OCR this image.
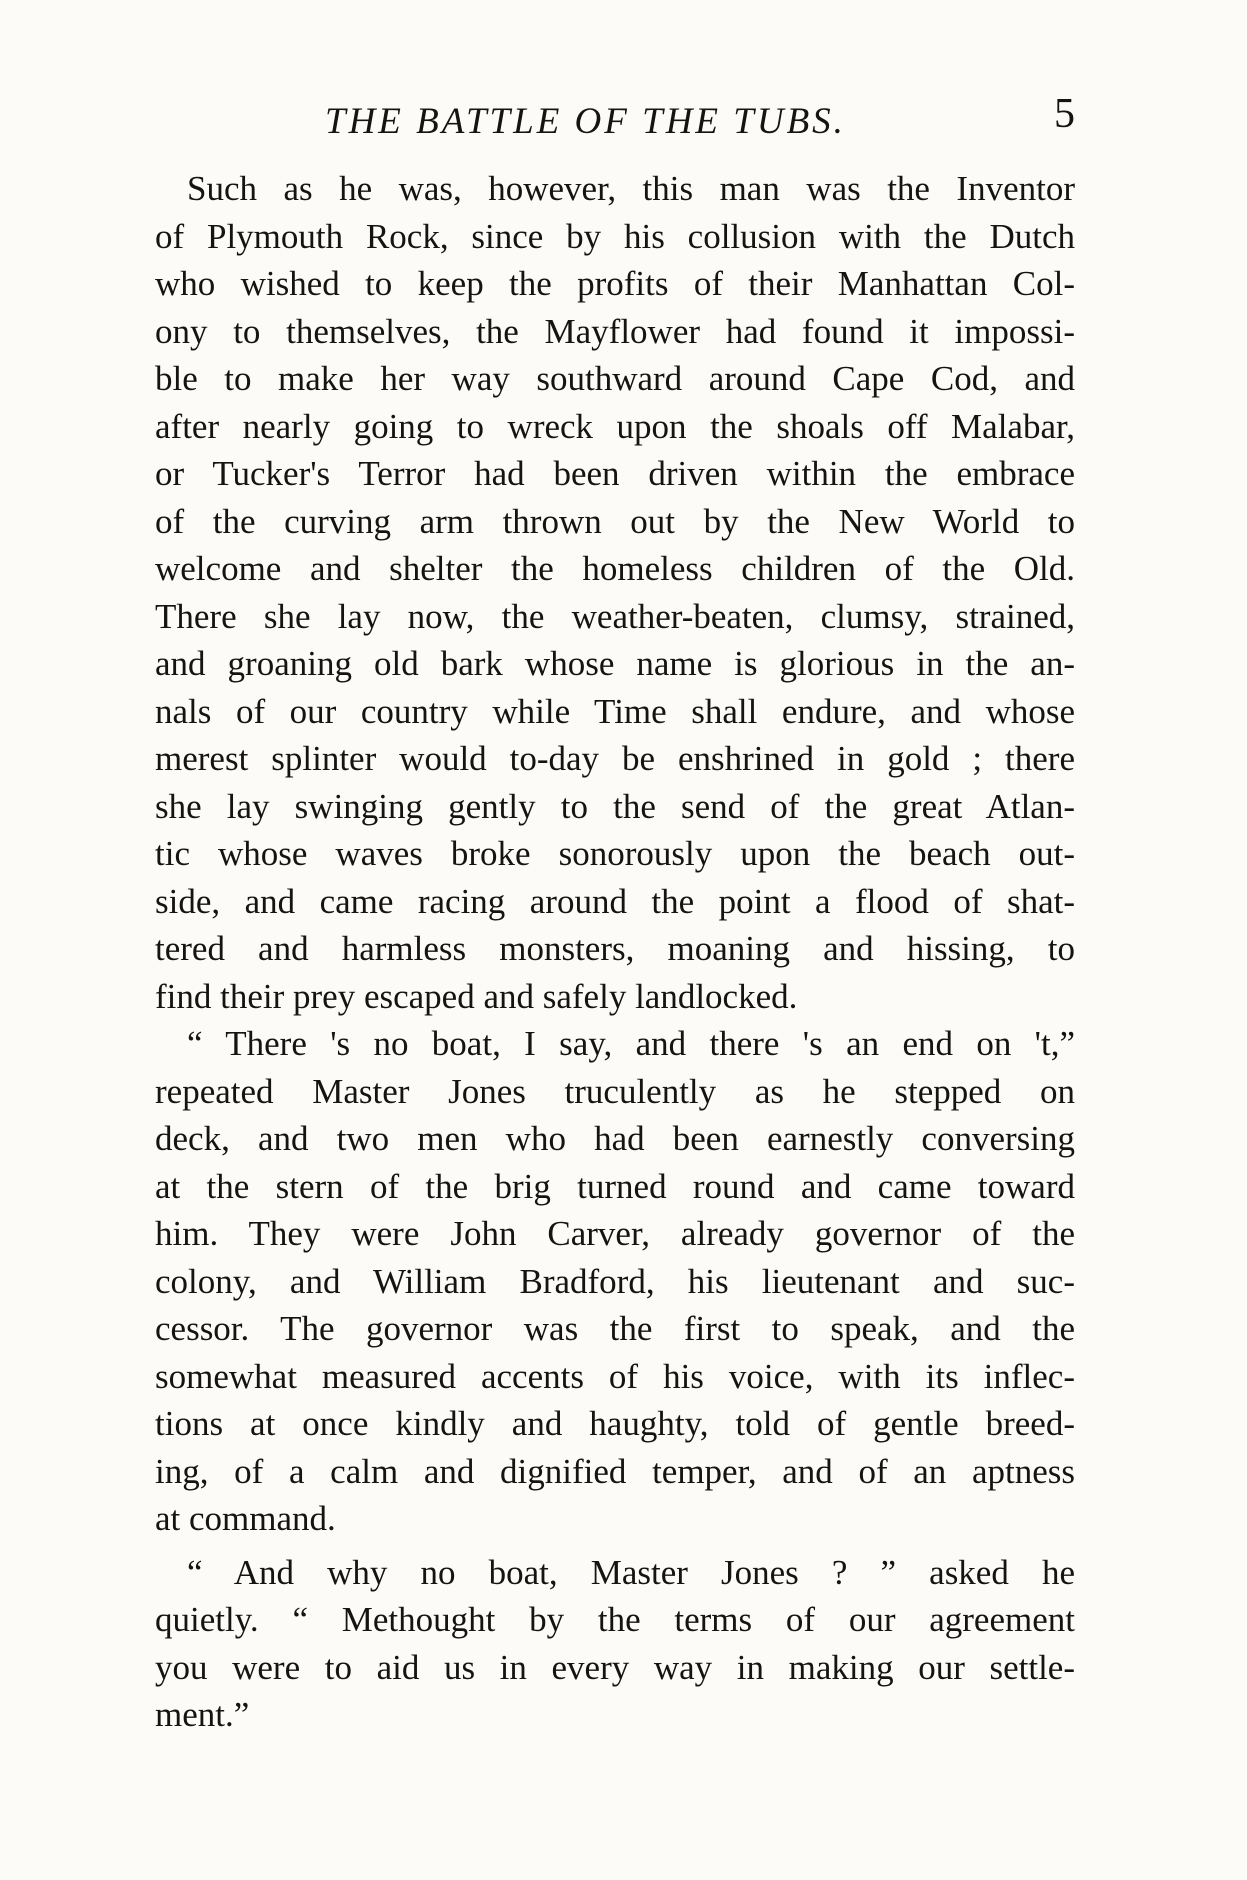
THE BATTLE OF THE TUBS.	5
Such as he was, however, this man was the Inventor
of Plymouth Rock, since by his collusion with the Dutch
who wished to keep the profits of their Manhattan Col-
ony to themselves, the Mayflower had found it impossi-
ble to make her way southward around Cape Cod, and
after nearly going to wreck upon the shoals off Malabar,
or Tucker's Terror had been driven within the embrace
of the curving arm thrown out by the New World to
welcome and shelter the homeless children of the Old.
There she lay now, the weather-beaten, clumsy, strained,
and groaning old bark whose name is glorious in the an-
nals of our country while Time shall endure, and whose
merest splinter would to-day be enshrined in gold ; there
she lay swinging gently to the send of the great Atlan-
tic whose waves broke sonorously upon the beach out-
side, and came racing around the point a flood of shat-
tered and harmless monsters, moaning and hissing, to
find their prey escaped and safely landlocked.
“ There 's no boat, I say, and there 's an end on 't,”
repeated Master Jones truculently as he stepped on
deck, and two men who had been earnestly conversing
at the stern of the brig turned round and came toward
him. They were John Carver, already governor of the
colony, and William Bradford, his lieutenant and suc-
cessor. The governor was the first to speak, and the
somewhat measured accents of his voice, with its inflec-
tions at once kindly and haughty, told of gentle breed-
ing, of a calm and dignified temper, and of an aptness
at command.
“ And why no boat, Master Jones ? ” asked he
quietly. “ Methought by the terms of our agreement
you were to aid us in every way in making our settle-
ment.”
